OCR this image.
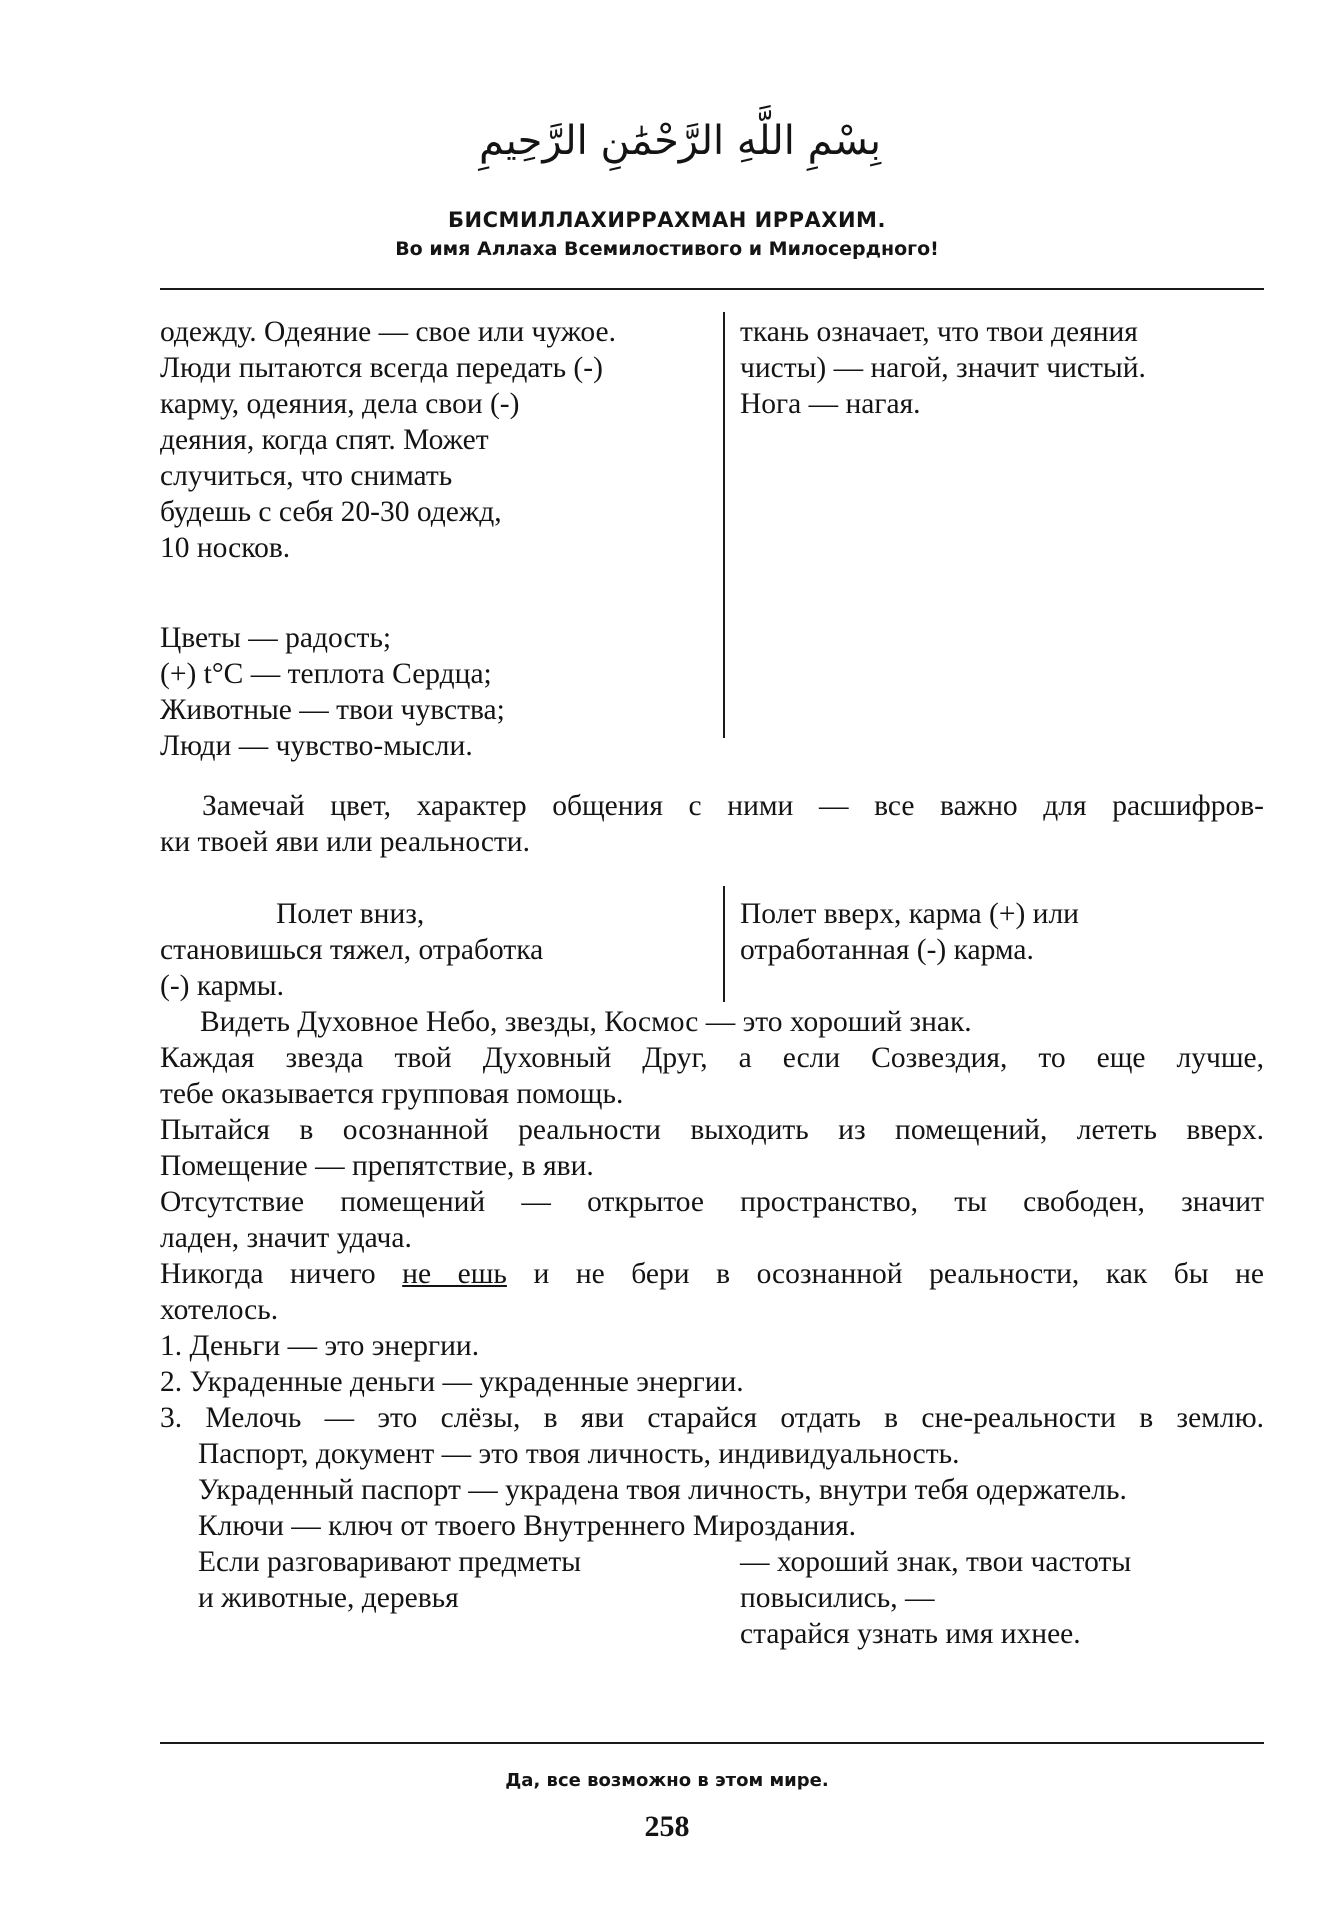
بِسْمِ اللَّهِ الرَّحْمَٰنِ الرَّحِيمِ
БИСМИЛЛАХИРРАХМАН ИРРАХИМ.
Во имя Аллаха Всемилостивого и Милосердного!
одежду. Одеяние — свое или чужое.
Люди пытаются всегда передать (-)
карму, одеяния, дела свои (-)
деяния, когда спят. Может
случиться, что снимать
будешь с себя 20-30 одежд,
10 носков.
Цветы — радость;
(+) t°C — теплота Сердца;
Животные — твои чувства;
Люди — чувство-мысли.
ткань означает, что твои деяния
чисты) — нагой, значит чистый.
Нога — нагая.
Замечай цвет, характер общения с ними — все важно для расшифров-
ки твоей яви или реальности.
Полет вниз,
становишься тяжел, отработка
(-) кармы.
Полет вверх, карма (+) или
отработанная (-) карма.
Видеть Духовное Небо, звезды, Космос — это хороший знак.
Каждая звезда твой Духовный Друг, а если Созвездия, то еще лучше,
тебе оказывается групповая помощь.
Пытайся в осознанной реальности выходить из помещений, лететь вверх.
Помещение — препятствие, в яви.
Отсутствие помещений — открытое пространство, ты свободен, значит
ладен, значит удача.
Никогда ничего не ешь и не бери в осознанной реальности, как бы не
хотелось.
1. Деньги — это энергии.
2. Украденные деньги — украденные энергии.
3. Мелочь — это слёзы, в яви старайся отдать в сне-реальности в землю.
Паспорт, документ — это твоя личность, индивидуальность.
Украденный паспорт — украдена твоя личность, внутри тебя одержатель.
Ключи — ключ от твоего Внутреннего Мироздания.
Если разговаривают предметы
и животные, деревья
— хороший знак, твои частоты
повысились, —
старайся узнать имя ихнее.
Да, все возможно в этом мире.
258
